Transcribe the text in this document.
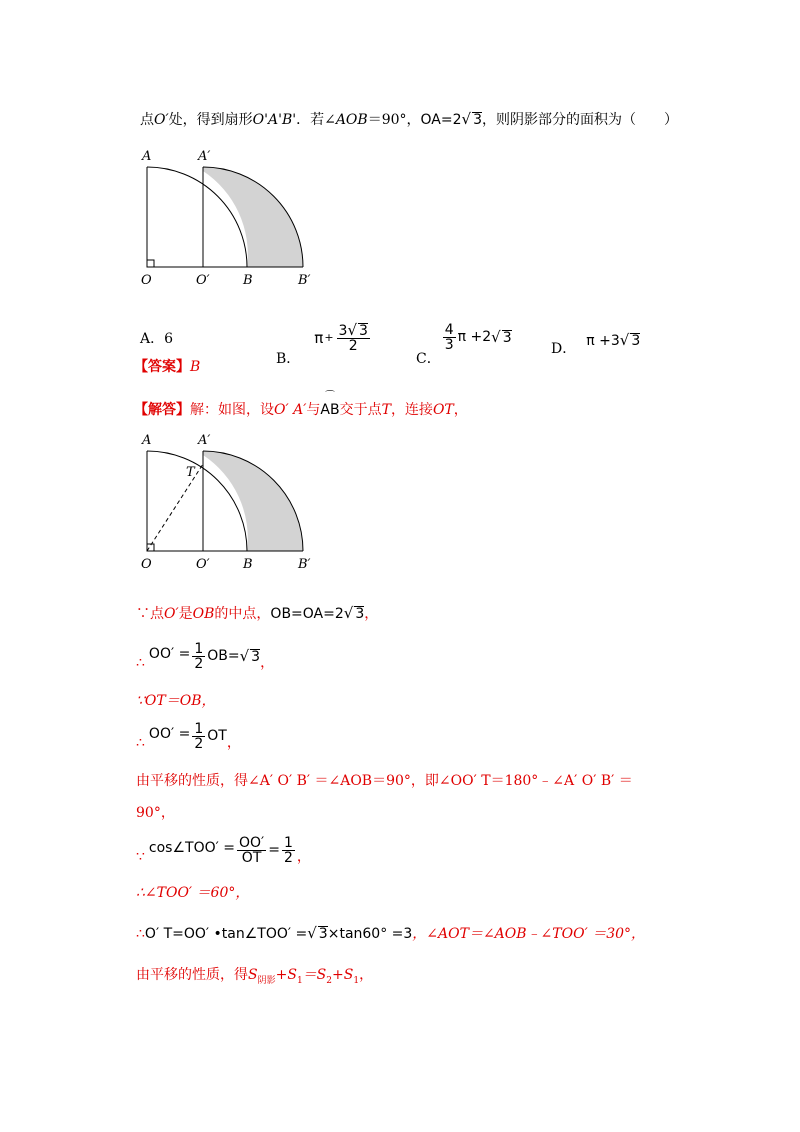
点O′处，得到扇形O'A'B'．若∠AOB＝90°，OA=2√ 3，则阴影部分的面积为（　　）
A	A′
O	O′	B	B′
A．6
B．
$\pi + \frac{3√ 3}{2}$
C．
$\frac{4}{3}$ π +2 √ 3
D．
π +3√ 3
【答案】B
【解答】解：如图，设O′ A′与
⌒
AB交于点T，连接OT，
A	A′
T
O	O′	B	B′
∵点O′是OB的中点，OB=OA=2√ 3，
∴
$OO' = \frac{1}{2} OB=$ √ 3 ，
∵OT＝OB，
∴
$OO' = \frac{1}{2}$ OT ，
由平移的性质，得∠A′ O′ B′ ＝∠AOB＝90°，即∠OO′ T＝180°﹣∠A′ O′ B′ ＝
90°，
∵
cos∠TOO′ = $\frac{OO'}{OT} = \frac{1}{2}$ ，
∴∠TOO′ ＝60°，
∴O′ T=OO′ •tan∠TOO′ =√ 3×tan60° =3，∠AOT＝∠AOB﹣∠TOO′ ＝30°，
由平移的性质，得$S_{阴影}+S_1=S_2+S_1$，
